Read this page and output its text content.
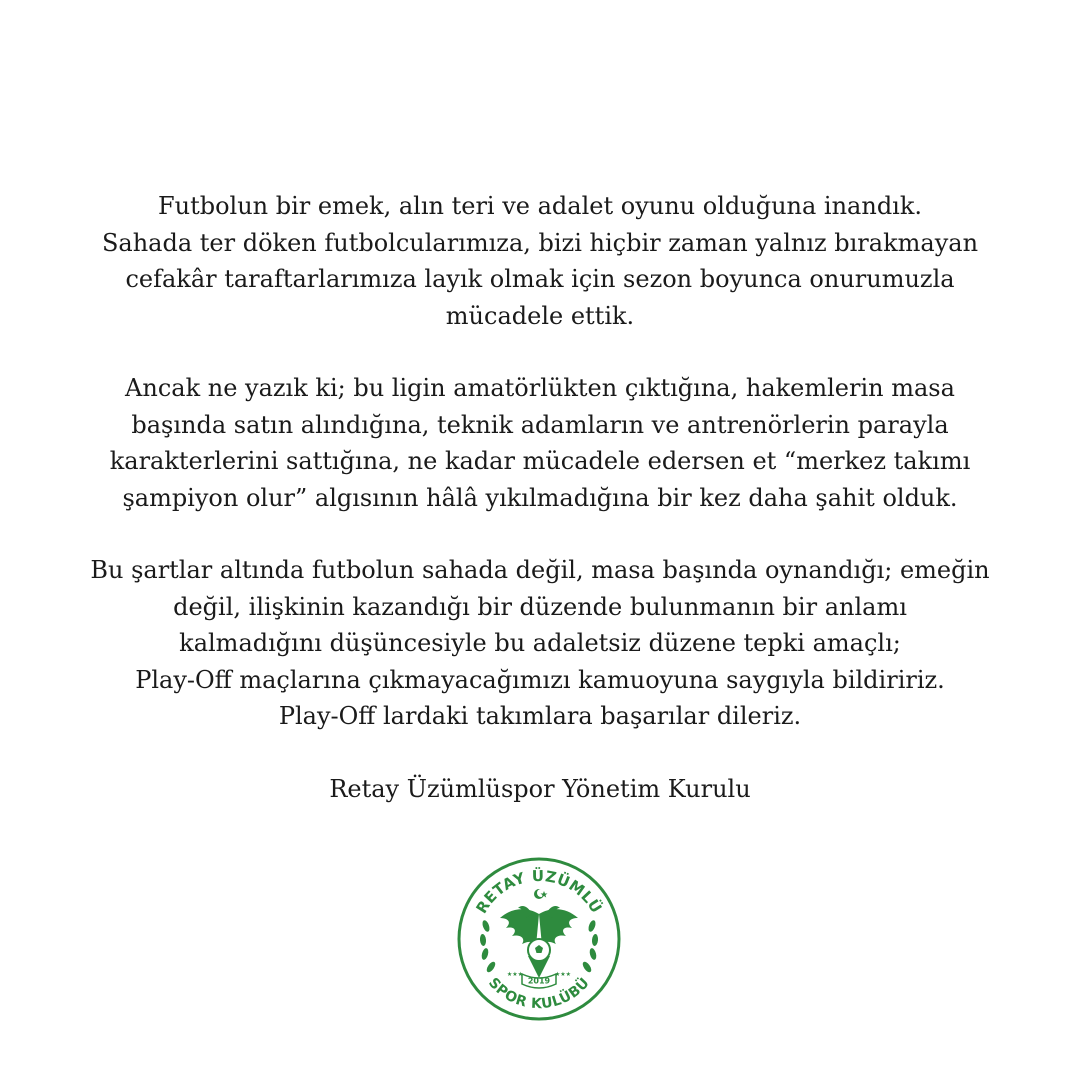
Futbolun bir emek, alın teri ve adalet oyunu olduğuna inandık.
Sahada ter döken futbolcularımıza, bizi hiçbir zaman yalnız bırakmayan
cefakâr taraftarlarımıza layık olmak için sezon boyunca onurumuzla
mücadele ettik.

Ancak ne yazık ki; bu ligin amatörlükten çıktığına, hakemlerin masa
başında satın alındığına, teknik adamların ve antrenörlerin parayla
karakterlerini sattığına, ne kadar mücadele edersen et “merkez takımı
şampiyon olur” algısının hâlâ yıkılmadığına bir kez daha şahit olduk.

Bu şartlar altında futbolun sahada değil, masa başında oynandığı; emeğin
değil, ilişkinin kazandığı bir düzende bulunmanın bir anlamı
kalmadığını düşüncesiyle bu adaletsiz düzene tepki amaçlı;
Play-Off maçlarına çıkmayacağımızı kamuoyuna saygıyla bildiririz.
Play-Off lardaki takımlara başarılar dileriz.

Retay Üzümlüspor Yönetim Kurulu
2019
★★★	★★★
RETAY ÜZÜMLÜ
SPOR KULÜBÜ
